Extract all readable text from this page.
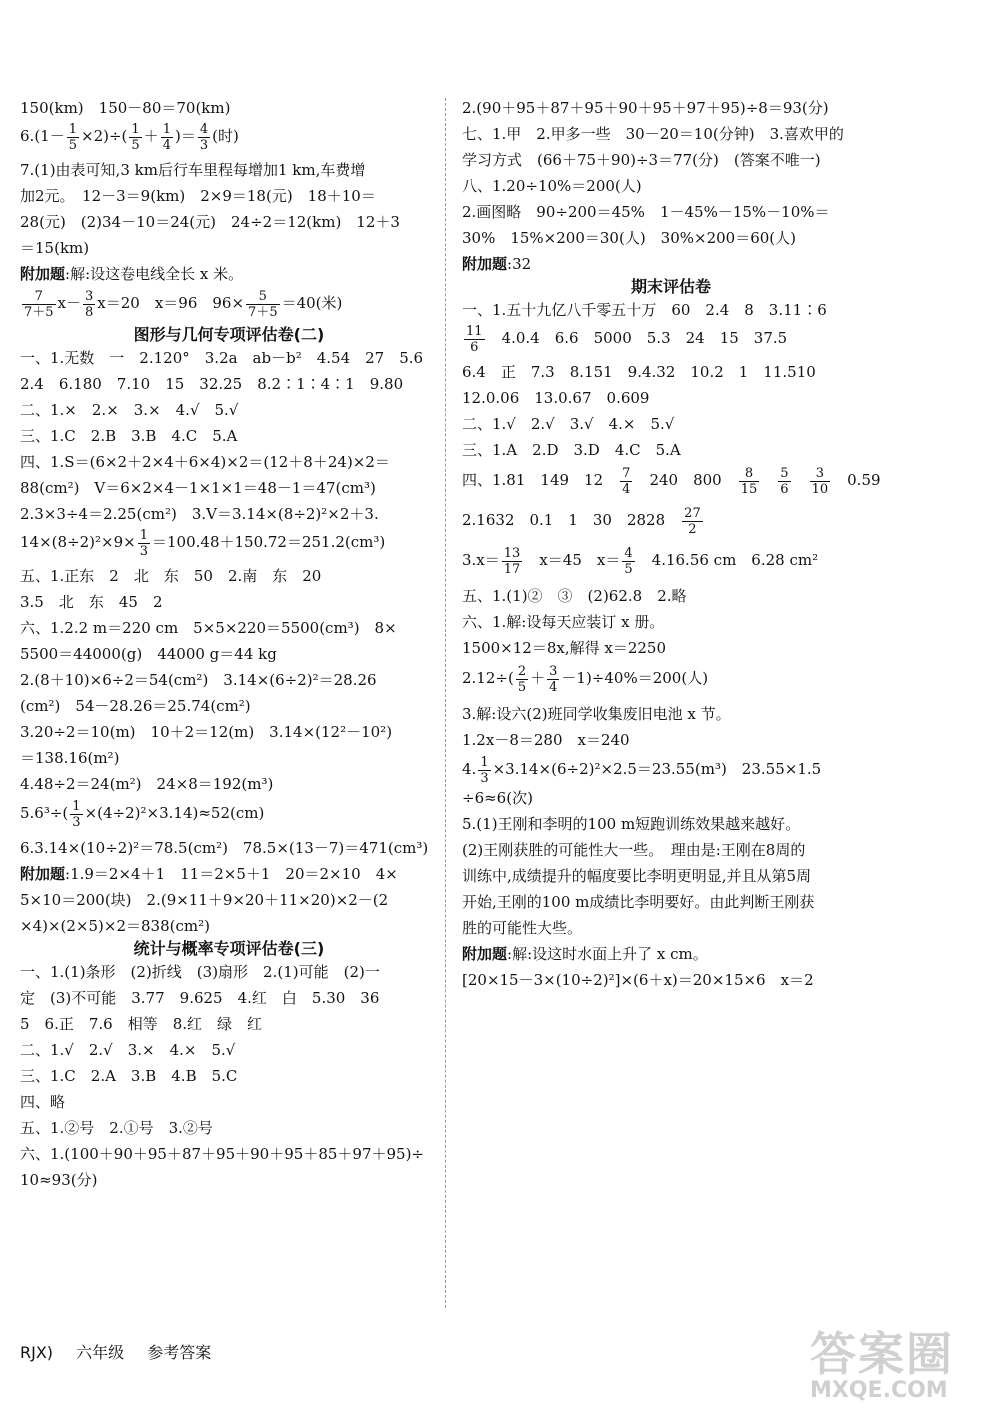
150(km)　150－80＝70(km)

$6.(1- \frac{1}{5} \times 2)\div( \frac{1}{5} + \frac{1}{4}$ )＝ $\frac{4}{3}$ (时)

7.(1)由表可知,3 km后行车里程每增加1 km,车费增

加2元。　12－3＝9(km)　2×9＝18(元)　18＋10＝

28(元)　(2)34－10＝24(元)　24÷2＝12(km)　12＋3

＝15(km)

附加题:解:设这卷电线全长 x 米。

$\frac{7}{7+5} x- \frac{3}{8} x=20$　x＝96　$96\times \frac{5}{7+5} =40$(米)

图形与几何专项评估卷(二)

一、1.无数　一　2.120°　3.2a　ab－b²　4.54　27　5.6

2.4　6.180　7.10　15　32.25　8.2∶1∶4∶1　9.80

二、1.×　2.×　3.×　4.√　5.√

三、1.C　2.B　3.B　4.C　5.A

四、1.S＝(6×2＋2×4＋6×4)×2＝(12＋8＋24)×2＝

88(cm²)　V＝6×2×4－1×1×1＝48－1＝47(cm³)

2.3×3÷4＝2.25(cm²)　3.V＝3.14×(8÷2)²×2＋3.

$14\times(8\div 2)^2\times 9\times \frac{1}{3} =100.48+150.72=251.2(cm^3)$

五、1.正东　2　北　东　50　2.南　东　20

3.5　北　东　45　2

六、1.2.2 m＝220 cm　5×5×220＝5500(cm³)　8×

5500＝44000(g)　44000 g＝44 kg

2.(8＋10)×6÷2＝54(cm²)　3.14×(6÷2)²＝28.26

(cm²)　54－28.26＝25.74(cm²)

3.20÷2＝10(m)　10＋2＝12(m)　3.14×(12²－10²)

＝138.16(m²)

4.48÷2＝24(m²)　24×8＝192(m³)

$5.6^3\div( \frac{1}{3} \times(4\div 2)^2\times 3.14)\approx 52(cm)$

6.3.14×(10÷2)²＝78.5(cm²)　78.5×(13－7)＝471(cm³)

附加题:1.9＝2×4＋1　11＝2×5＋1　20＝2×10　4×

5×10＝200(块)　2.(9×11＋9×20＋11×20)×2－(2

×4)×(2×5)×2＝838(cm²)

统计与概率专项评估卷(三)

一、1.(1)条形　(2)折线　(3)扇形　2.(1)可能　(2)一

定　(3)不可能　3.77　9.625　4.红　白　5.30　36

5　6.正　7.6　相等　8.红　绿　红

二、1.√　2.√　3.×　4.×　5.√

三、1.C　2.A　3.B　4.B　5.C

四、略

五、1.②号　2.①号　3.②号

六、1.(100＋90＋95＋87＋95＋90＋95＋85＋97＋95)÷

10≈93(分)

2.(90＋95＋87＋95＋90＋95＋97＋95)÷8＝93(分)

七、1.甲　2.甲多一些　30－20＝10(分钟)　3.喜欢甲的

学习方式　(66＋75＋90)÷3＝77(分)　(答案不唯一)

八、1.20÷10%＝200(人)

2.画图略　90÷200＝45%　1－45%－15%－10%＝

30%　15%×200＝30(人)　30%×200＝60(人)

附加题:32

期末评估卷

一、1.五十九亿八千零五十万　60　2.4　8　3.11∶6

$\frac{11}{6}$
　 4.0.4　6.6　5000　5.3　24　15　37.5

6.4　正　7.3　8.151　9.4.32　10.2　1　11.510

12.0.06　13.0.67　0.609

二、1.√　2.√　3.√　4.×　5.√

三、1.A　2.D　3.D　4.C　5.A

四、1.81　149　12　 $\frac{7}{4}$
　 240　800　 $\frac{8}{15}$
　 $\frac{5}{6}$
　 $\frac{3}{10}$
　 0.59

2.1632　0.1　1　30　2828　 $\frac{27}{2}$

$3.x= \frac{13}{17}$
　 x＝45　$x= \frac{4}{5}$
　 4.16.56 cm　6.28 cm²

五、1.(1)②　③　(2)62.8　2.略

六、1.解:设每天应装订 x 册。

1500×12＝8x,解得 x＝2250

$2.12\div( \frac{2}{5} + \frac{3}{4} -1)\div 40\%=200$(人)

3.解:设六(2)班同学收集废旧电池 x 节。

1.2x－8＝280　x＝240

4. $\frac{1}{3} \times 3.14\times(6\div 2)^2\times 2.5=23.55(m^3)$　23.55×1.5

÷6≈6(次)

5.(1)王刚和李明的100 m短跑训练效果越来越好。

(2)王刚获胜的可能性大一些。　理由是:王刚在8周的

训练中,成绩提升的幅度要比李明更明显,并且从第5周

开始,王刚的100 m成绩比李明要好。由此判断王刚获

胜的可能性大些。

附加题:解:设这时水面上升了 x cm。

[20×15－3×(10÷2)²]×(6＋x)＝20×15×6　x＝2

RJX) 六年级 参考答案	答案圈
MXQE.COM
